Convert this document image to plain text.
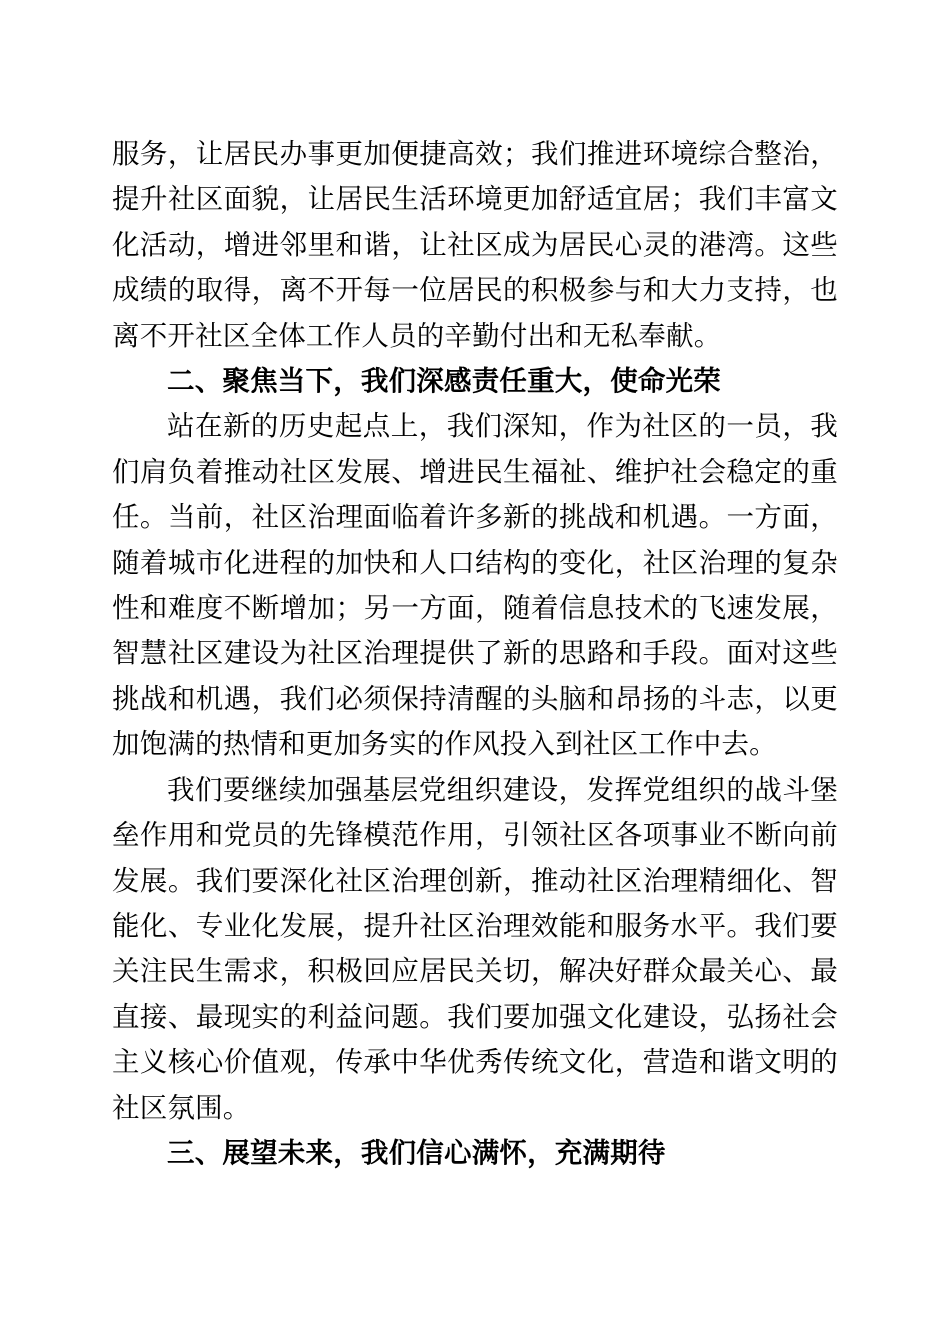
服务，让居民办事更加便捷高效；我们推进环境综合整治，提升社区面貌，让居民生活环境更加舒适宜居；我们丰富文化活动，增进邻里和谐，让社区成为居民心灵的港湾。这些成绩的取得，离不开每一位居民的积极参与和大力支持，也离不开社区全体工作人员的辛勤付出和无私奉献。

二、聚焦当下，我们深感责任重大，使命光荣

站在新的历史起点上，我们深知，作为社区的一员，我们肩负着推动社区发展、增进民生福祉、维护社会稳定的重任。当前，社区治理面临着许多新的挑战和机遇。一方面，随着城市化进程的加快和人口结构的变化，社区治理的复杂性和难度不断增加；另一方面，随着信息技术的飞速发展，智慧社区建设为社区治理提供了新的思路和手段。面对这些挑战和机遇，我们必须保持清醒的头脑和昂扬的斗志，以更加饱满的热情和更加务实的作风投入到社区工作中去。

我们要继续加强基层党组织建设，发挥党组织的战斗堡垒作用和党员的先锋模范作用，引领社区各项事业不断向前发展。我们要深化社区治理创新，推动社区治理精细化、智能化、专业化发展，提升社区治理效能和服务水平。我们要关注民生需求，积极回应居民关切，解决好群众最关心、最直接、最现实的利益问题。我们要加强文化建设，弘扬社会主义核心价值观，传承中华优秀传统文化，营造和谐文明的社区氛围。

三、展望未来，我们信心满怀，充满期待
